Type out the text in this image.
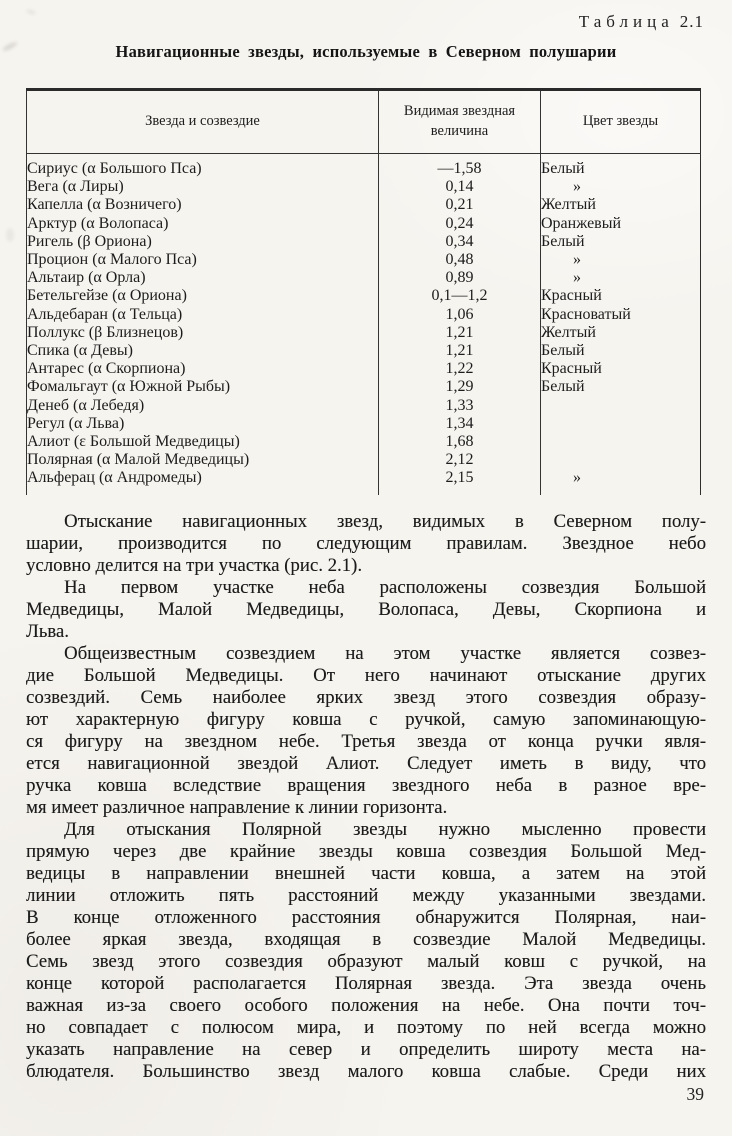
Таблица 2.1
Навигационные звезды, используемые в Северном полушарии
Звезда и созвездие	Видимая звездная величина	Цвет звезды
Сириус (α Большого Пса)	—1,58	Белый
Вега (α Лиры)	0,14	»
Капелла (α Возничего)	0,21	Желтый
Арктур (α Волопаса)	0,24	Оранжевый
Ригель (β Ориона)	0,34	Белый
Процион (α Малого Пса)	0,48	»
Альтаир (α Орла)	0,89	»
Бетельгейзе (α Ориона)	0,1—1,2	Красный
Альдебаран (α Тельца)	1,06	Красноватый
Поллукс (β Близнецов)	1,21	Желтый
Спика (α Девы)	1,21	Белый
Антарес (α Скорпиона)	1,22	Красный
Фомальгаут (α Южной Рыбы)	1,29	Белый
Денеб (α Лебедя)	1,33	
Регул (α Льва)	1,34	
Алиот (ε Большой Медведицы)	1,68	
Полярная (α Малой Медведицы)	2,12	
Альферац (α Андромеды)	2,15	»
Отыскание навигационных звезд, видимых в Северном полу-
шарии, производится по следующим правилам. Звездное небо
условно делится на три участка (рис. 2.1).
На первом участке неба расположены созвездия Большой
Медведицы, Малой Медведицы, Волопаса, Девы, Скорпиона и
Льва.
Общеизвестным созвездием на этом участке является созвез-
дие Большой Медведицы. От него начинают отыскание других
созвездий. Семь наиболее ярких звезд этого созвездия образу-
ют характерную фигуру ковша с ручкой, самую запоминающую-
ся фигуру на звездном небе. Третья звезда от конца ручки явля-
ется навигационной звездой Алиот. Следует иметь в виду, что
ручка ковша вследствие вращения звездного неба в разное вре-
мя имеет различное направление к линии горизонта.
Для отыскания Полярной звезды нужно мысленно провести
прямую через две крайние звезды ковша созвездия Большой Мед-
ведицы в направлении внешней части ковша, а затем на этой
линии отложить пять расстояний между указанными звездами.
В конце отложенного расстояния обнаружится Полярная, наи-
более яркая звезда, входящая в созвездие Малой Медведицы.
Семь звезд этого созвездия образуют малый ковш с ручкой, на
конце которой располагается Полярная звезда. Эта звезда очень
важная из-за своего особого положения на небе. Она почти точ-
но совпадает с полюсом мира, и поэтому по ней всегда можно
указать направление на север и определить широту места на-
блюдателя. Большинство звезд малого ковша слабые. Среди них
39
